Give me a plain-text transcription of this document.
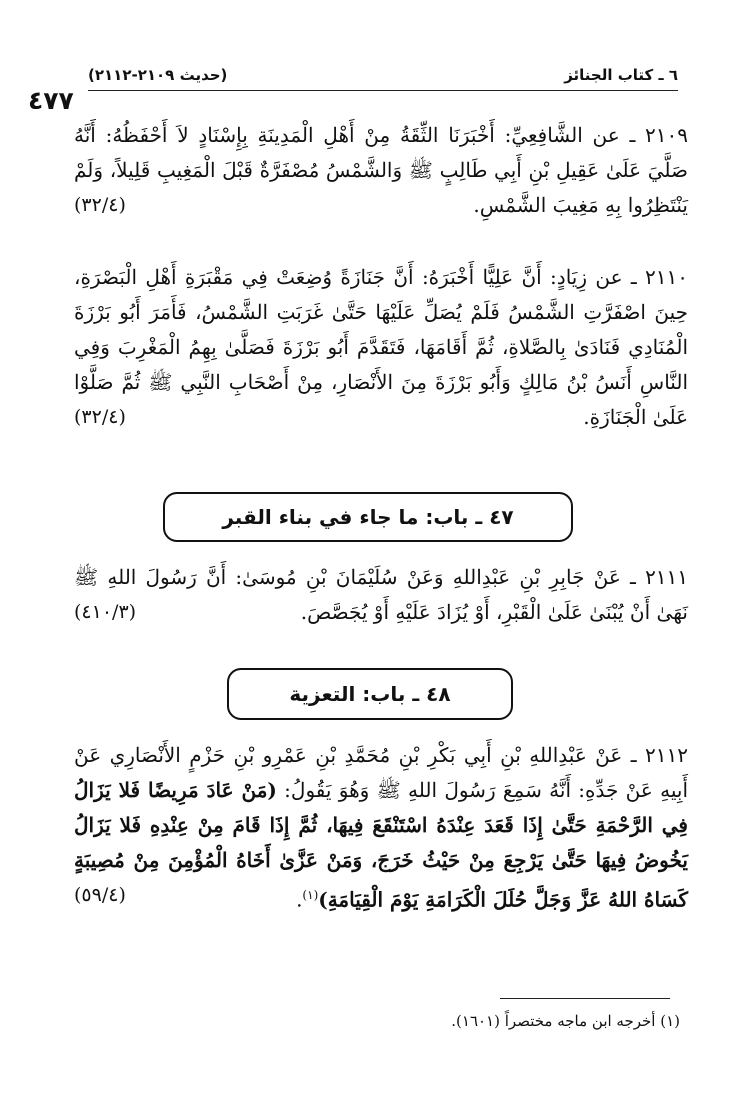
٦ ـ كتاب الجنائز
(حديث ٢١٠٩-٢١١٢)
٤٧٧

٢١٠٩ ـ عن الشَّافِعِيِّ: أَخْبَرَنَا الثِّقَةُ مِنْ أَهْلِ الْمَدِينَةِ بِإِسْنَادٍ لاَ أَحْفَظُهُ: أَنَّهُ صَلَّيَ عَلَىٰ عَقِيلِ بْنِ أَبِي طَالِبٍ ﷺ وَالشَّمْسُ مُصْفَرَّةٌ قَبْلَ الْمَغِيبِ قَلِيلاً، وَلَمْ يَنْتَظِرُوا بِهِ مَغِيبَ الشَّمْسِ.
(٣٢/٤)

٢١١٠ ـ عن زِيَادٍ: أَنَّ عَلِيًّا أَخْبَرَهُ: أَنَّ جَنَازَةً وُضِعَتْ فِي مَقْبَرَةِ أَهْلِ الْبَصْرَةِ، حِينَ اصْفَرَّتِ الشَّمْسُ فَلَمْ يُصَلِّ عَلَيْهَا حَتَّىٰ غَرَبَتِ الشَّمْسُ، فَأَمَرَ أَبُو بَرْزَةَ الْمُنَادِي فَنَادَىٰ بِالصَّلاةِ، ثُمَّ أَقَامَهَا، فَتَقَدَّمَ أَبُو بَرْزَةَ فَصَلَّىٰ بِهِمُ الْمَغْرِبَ وَفِي النَّاسِ أَنَسُ بْنُ مَالِكٍ وَأَبُو بَرْزَةَ مِنَ الأَنْصَارِ، مِنْ أَصْحَابِ النَّبِي ﷺ ثُمَّ صَلَّوْا عَلَىٰ الْجَنَازَةِ.
(٣٢/٤)

٤٧ ـ باب: ما جاء في بناء القبر

٢١١١ ـ عَنْ جَابِرِ بْنِ عَبْدِاللهِ وَعَنْ سُلَيْمَانَ بْنِ مُوسَىٰ: أَنَّ رَسُولَ اللهِ ﷺ نَهَىٰ أَنْ يُبْنَىٰ عَلَىٰ الْقَبْرِ، أَوْ يُزَادَ عَلَيْهِ أَوْ يُجَصَّصَ.
(٤١٠/٣)

٤٨ ـ باب: التعزية

٢١١٢ ـ عَنْ عَبْدِاللهِ بْنِ أَبِي بَكْرِ بْنِ مُحَمَّدِ بْنِ عَمْرِو بْنِ حَزْمٍ الأَنْصَارِي عَنْ أَبِيهِ عَنْ جَدِّهِ: أَنَّهُ سَمِعَ رَسُولَ اللهِ ﷺ وَهُوَ يَقُولُ: (مَنْ عَادَ مَرِيضًا فَلا يَزَالُ فِي الرَّحْمَةِ حَتَّىٰ إِذَا قَعَدَ عِنْدَهُ اسْتَنْقَعَ فِيهَا، ثُمَّ إِذَا قَامَ مِنْ عِنْدِهِ فَلا يَزَالُ يَخُوضُ فِيهَا حَتَّىٰ يَرْجِعَ مِنْ حَيْثُ خَرَجَ، وَمَنْ عَزَّىٰ أَخَاهُ الْمُؤْمِنَ مِنْ مُصِيبَةٍ كَسَاهُ اللهُ عَزَّ وَجَلَّ حُلَلَ الْكَرَامَةِ يَوْمَ الْقِيَامَةِ)$^{(١)}$.
(٥٩/٤)

(١) أخرجه ابن ماجه مختصراً (١٦٠١).
